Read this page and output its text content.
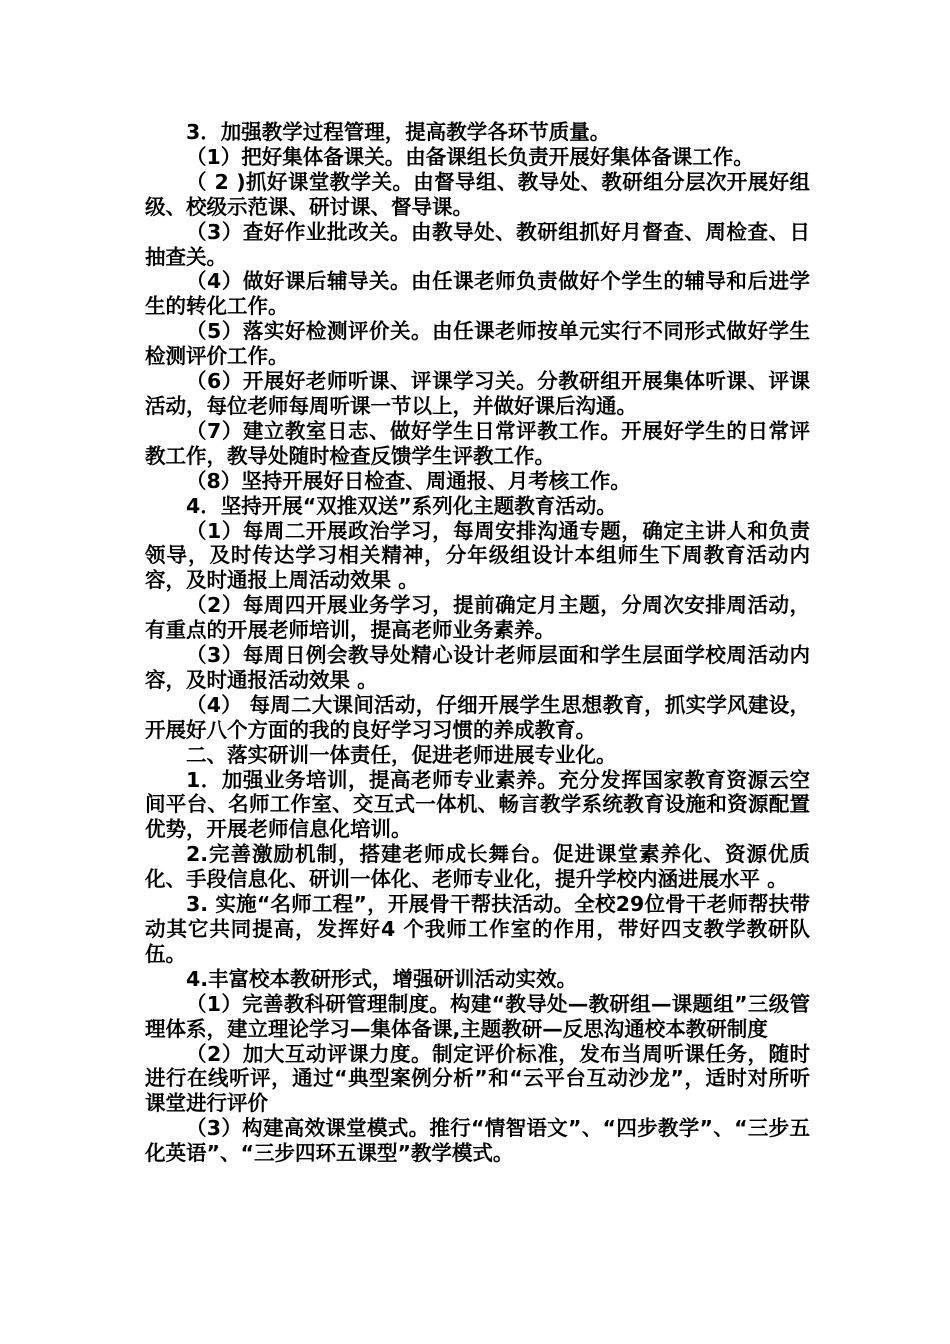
3．加强教学过程管理，提高教学各环节质量。

（1）把好集体备课关。由备课组长负责开展好集体备课工作。

（ 2 )抓好课堂教学关。由督导组、教导处、教研组分层次开展好组级、校级示范课、研讨课、督导课。

（3）查好作业批改关。由教导处、教研组抓好月督查、周检查、日抽查关。

（4）做好课后辅导关。由任课老师负责做好个学生的辅导和后进学生的转化工作。

（5）落实好检测评价关。由任课老师按单元实行不同形式做好学生检测评价工作。

（6）开展好老师听课、评课学习关。分教研组开展集体听课、评课活动，每位老师每周听课一节以上，并做好课后沟通。

（7）建立教室日志、做好学生日常评教工作。开展好学生的日常评教工作，教导处随时检查反馈学生评教工作。

（8）坚持开展好日检查、周通报、月考核工作。

4．坚持开展“双推双送”系列化主题教育活动。

（1）每周二开展政治学习，每周安排沟通专题，确定主讲人和负责领导，及时传达学习相关精神，分年级组设计本组师生下周教育活动内容，及时通报上周活动效果 。

（2）每周四开展业务学习，提前确定月主题，分周次安排周活动，有重点的开展老师培训，提高老师业务素养。

（3）每周日例会教导处精心设计老师层面和学生层面学校周活动内容，及时通报活动效果 。

（4） 每周二大课间活动，仔细开展学生思想教育，抓实学风建设，开展好八个方面的我的良好学习习惯的养成教育。

二、落实研训一体责任，促进老师进展专业化。

1．加强业务培训，提高老师专业素养。充分发挥国家教育资源云空间平台、名师工作室、交互式一体机、畅言教学系统教育设施和资源配置优势，开展老师信息化培训。

2.完善激励机制，搭建老师成长舞台。促进课堂素养化、资源优质化、手段信息化、研训一体化、老师专业化，提升学校内涵进展水平 。

3. 实施“名师工程”，开展骨干帮扶活动。全校29位骨干老师帮扶带动其它共同提高，发挥好4 个我师工作室的作用，带好四支教学教研队伍。

4.丰富校本教研形式，增强研训活动实效。

（1）完善教科研管理制度。构建“教导处—教研组—课题组”三级管理体系，建立理论学习—集体备课,主题教研—反思沟通校本教研制度

（2）加大互动评课力度。制定评价标准，发布当周听课任务，随时进行在线听评，通过“典型案例分析”和“云平台互动沙龙”，适时对所听课堂进行评价

（3）构建高效课堂模式。推行“情智语文”、“四步教学”、“三步五化英语”、“三步四环五课型”教学模式。
